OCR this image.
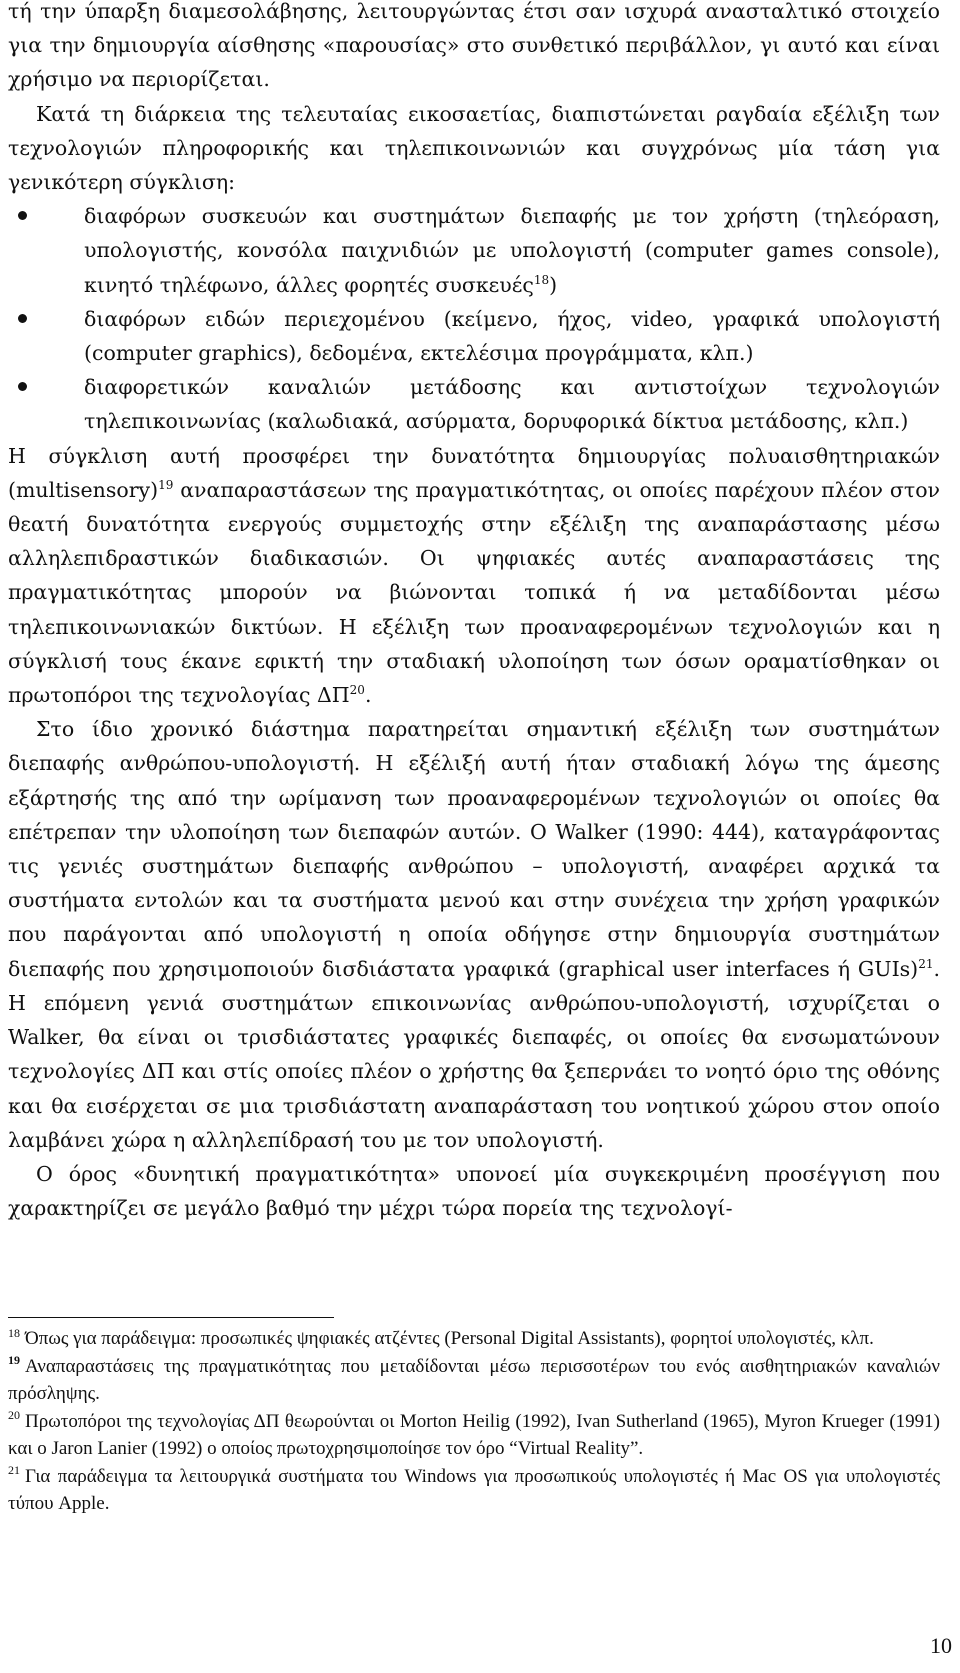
τή την ύπαρξη διαμεσολάβησης, λειτουργώντας έτσι σαν ισχυρά ανασταλτικό στοιχείο για την δημιουργία αίσθησης «παρουσίας» στο συνθετικό περιβάλλον, γι αυτό και είναι χρήσιμο να περιορίζεται.

Κατά τη διάρκεια της τελευταίας εικοσαετίας, διαπιστώνεται ραγδαία εξέλιξη των τεχνολογιών πληροφορικής και τηλεπικοινωνιών και συγχρόνως μία τάση για γενικότερη σύγκλιση:

διαφόρων συσκευών και συστημάτων διεπαφής με τον χρήστη (τηλεόραση, υπολογιστής, κονσόλα παιχνιδιών με υπολογιστή (computer games console), κινητό τηλέφωνο, άλλες φορητές συσκευές$^{18}$)
διαφόρων ειδών περιεχομένου (κείμενο, ήχος, video, γραφικά υπολογιστή (computer graphics), δεδομένα, εκτελέσιμα προγράμματα, κλπ.)
διαφορετικών καναλιών μετάδοσης και αντιστοίχων τεχνολογιών τηλεπικοινωνίας (καλωδιακά, ασύρματα, δορυφορικά δίκτυα μετάδοσης, κλπ.)

Η σύγκλιση αυτή προσφέρει την δυνατότητα δημιουργίας πολυαισθητηριακών (multisensory)$^{19}$ αναπαραστάσεων της πραγματικότητας, οι οποίες παρέχουν πλέον στον θεατή δυνατότητα ενεργούς συμμετοχής στην εξέλιξη της αναπαράστασης μέσω αλληλεπιδραστικών διαδικασιών. Οι ψηφιακές αυτές αναπαραστάσεις της πραγματικότητας μπορούν να βιώνονται τοπικά ή να μεταδίδονται μέσω τηλεπικοινωνιακών δικτύων. Η εξέλιξη των προαναφερομένων τεχνολογιών και η σύγκλισή τους έκανε εφικτή την σταδιακή υλοποίηση των όσων οραματίσθηκαν οι πρωτοπόροι της τεχνολογίας ΔΠ$^{20}$.

Στο ίδιο χρονικό διάστημα παρατηρείται σημαντική εξέλιξη των συστημάτων διεπαφής ανθρώπου-υπολογιστή. Η εξέλιξή αυτή ήταν σταδιακή λόγω της άμεσης εξάρτησής της από την ωρίμανση των προαναφερομένων τεχνολογιών οι οποίες θα επέτρεπαν την υλοποίηση των διεπαφών αυτών. Ο Walker (1990: 444), καταγράφοντας τις γενιές συστημάτων διεπαφής ανθρώπου – υπολογιστή, αναφέρει αρχικά τα συστήματα εντολών και τα συστήματα μενού και στην συνέχεια την χρήση γραφικών που παράγονται από υπολογιστή η οποία οδήγησε στην δημιουργία συστημάτων διεπαφής που χρησιμοποιούν δισδιάστατα γραφικά (graphical user interfaces ή GUIs)$^{21}$. Η επόμενη γενιά συστημάτων επικοινωνίας ανθρώπου-υπολογιστή, ισχυρίζεται ο Walker, θα είναι οι τρισδιάστατες γραφικές διεπαφές, οι οποίες θα ενσωματώνουν τεχνολογίες ΔΠ και στίς οποίες πλέον ο χρήστης θα ξεπερνάει το νοητό όριο της οθόνης και θα εισέρχεται σε μια τρισδιάστατη αναπαράσταση του νοητικού χώρου στον οποίο λαμβάνει χώρα η αλληλεπίδρασή του με τον υπολογιστή.

Ο όρος «δυνητική πραγματικότητα» υπονοεί μία συγκεκριμένη προσέγγιση που χαρακτηρίζει σε μεγάλο βαθμό την μέχρι τώρα πορεία της τεχνολογί-

$^{18}$ Όπως για παράδειγμα: προσωπικές ψηφιακές ατζέντες (Personal Digital Assistants), φορητοί υπολογιστές, κλπ.

$^{19}$ Αναπαραστάσεις της πραγματικότητας που μεταδίδονται μέσω περισσοτέρων του ενός αισθητηριακών καναλιών πρόσληψης.

$^{20}$ Πρωτοπόροι της τεχνολογίας ΔΠ θεωρούνται οι Morton Heilig (1992), Ivan Sutherland (1965), Myron Krueger (1991) και ο Jaron Lanier (1992) ο οποίος πρωτοχρησιμοποίησε τον όρο “Virtual Reality”.

$^{21}$ Για παράδειγμα τα λειτουργικά συστήματα του Windows για προσωπικούς υπολογιστές ή Mac OS για υπολογιστές τύπου Apple.

10
